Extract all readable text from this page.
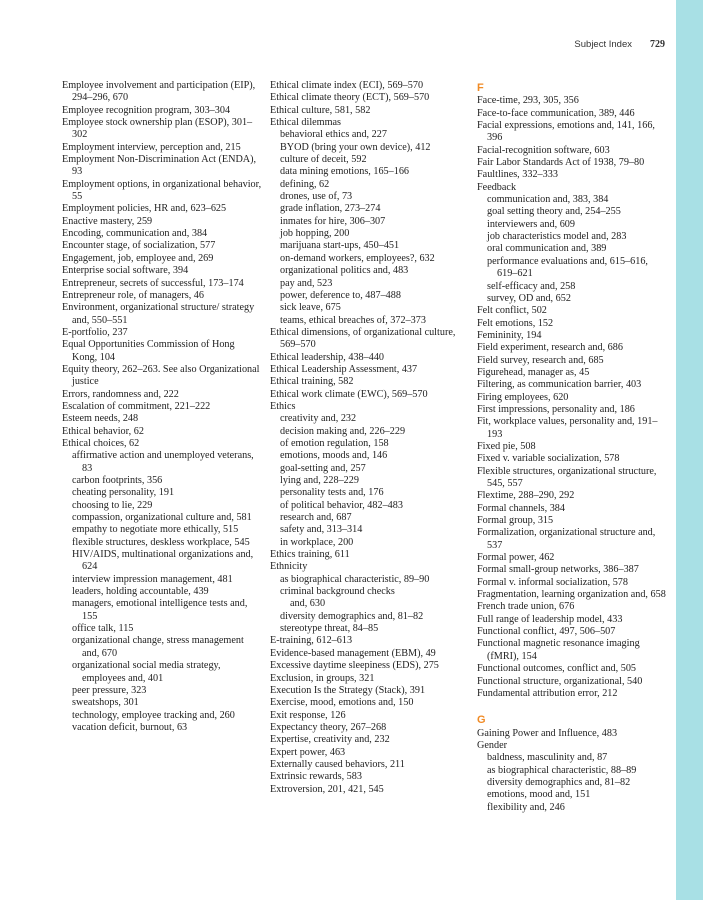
Subject Index 729
Employee involvement and participation (EIP), 294–296, 670
Employee recognition program, 303–304
Employee stock ownership plan (ESOP), 301–302
Employment interview, perception and, 215
Employment Non-Discrimination Act (ENDA), 93
Employment options, in organizational behavior, 55
Employment policies, HR and, 623–625
Enactive mastery, 259
Encoding, communication and, 384
Encounter stage, of socialization, 577
Engagement, job, employee and, 269
Enterprise social software, 394
Entrepreneur, secrets of successful, 173–174
Entrepreneur role, of managers, 46
Environment, organizational structure/ strategy and, 550–551
E-portfolio, 237
Equal Opportunities Commission of Hong Kong, 104
Equity theory, 262–263. See also Organizational justice
Errors, randomness and, 222
Escalation of commitment, 221–222
Esteem needs, 248
Ethical behavior, 62
Ethical choices, 62
affirmative action and unemployed veterans, 83
carbon footprints, 356
cheating personality, 191
choosing to lie, 229
compassion, organizational culture and, 581
empathy to negotiate more ethically, 515
flexible structures, deskless workplace, 545
HIV/AIDS, multinational organizations and, 624
interview impression management, 481
leaders, holding accountable, 439
managers, emotional intelligence tests and, 155
office talk, 115
organizational change, stress management and, 670
organizational social media strategy, employees and, 401
peer pressure, 323
sweatshops, 301
technology, employee tracking and, 260
vacation deficit, burnout, 63
Ethical climate index (ECI), 569–570
Ethical climate theory (ECT), 569–570
Ethical culture, 581, 582
Ethical dilemmas
behavioral ethics and, 227
BYOD (bring your own device), 412
culture of deceit, 592
data mining emotions, 165–166
defining, 62
drones, use of, 73
grade inflation, 273–274
inmates for hire, 306–307
job hopping, 200
marijuana start-ups, 450–451
on-demand workers, employees?, 632
organizational politics and, 483
pay and, 523
power, deference to, 487–488
sick leave, 675
teams, ethical breaches of, 372–373
Ethical dimensions, of organizational culture, 569–570
Ethical leadership, 438–440
Ethical Leadership Assessment, 437
Ethical training, 582
Ethical work climate (EWC), 569–570
Ethics
creativity and, 232
decision making and, 226–229
of emotion regulation, 158
emotions, moods and, 146
goal-setting and, 257
lying and, 228–229
personality tests and, 176
of political behavior, 482–483
research and, 687
safety and, 313–314
in workplace, 200
Ethics training, 611
Ethnicity
as biographical characteristic, 89–90
criminal background checks
and, 630
diversity demographics and, 81–82
stereotype threat, 84–85
E-training, 612–613
Evidence-based management (EBM), 49
Excessive daytime sleepiness (EDS), 275
Exclusion, in groups, 321
Execution Is the Strategy (Stack), 391
Exercise, mood, emotions and, 150
Exit response, 126
Expectancy theory, 267–268
Expertise, creativity and, 232
Expert power, 463
Externally caused behaviors, 211
Extrinsic rewards, 583
Extroversion, 201, 421, 545
F
Face-time, 293, 305, 356
Face-to-face communication, 389, 446
Facial expressions, emotions and, 141, 166, 396
Facial-recognition software, 603
Fair Labor Standards Act of 1938, 79–80
Faultlines, 332–333
Feedback
communication and, 383, 384
goal setting theory and, 254–255
interviewers and, 609
job characteristics model and, 283
oral communication and, 389
performance evaluations and, 615–616, 619–621
self-efficacy and, 258
survey, OD and, 652
Felt conflict, 502
Felt emotions, 152
Femininity, 194
Field experiment, research and, 686
Field survey, research and, 685
Figurehead, manager as, 45
Filtering, as communication barrier, 403
Firing employees, 620
First impressions, personality and, 186
Fit, workplace values, personality and, 191–193
Fixed pie, 508
Fixed v. variable socialization, 578
Flexible structures, organizational structure, 545, 557
Flextime, 288–290, 292
Formal channels, 384
Formal group, 315
Formalization, organizational structure and, 537
Formal power, 462
Formal small-group networks, 386–387
Formal v. informal socialization, 578
Fragmentation, learning organization and, 658
French trade union, 676
Full range of leadership model, 433
Functional conflict, 497, 506–507
Functional magnetic resonance imaging (fMRI), 154
Functional outcomes, conflict and, 505
Functional structure, organizational, 540
Fundamental attribution error, 212
G
Gaining Power and Influence, 483
Gender
baldness, masculinity and, 87
as biographical characteristic, 88–89
diversity demographics and, 81–82
emotions, mood and, 151
flexibility and, 246
